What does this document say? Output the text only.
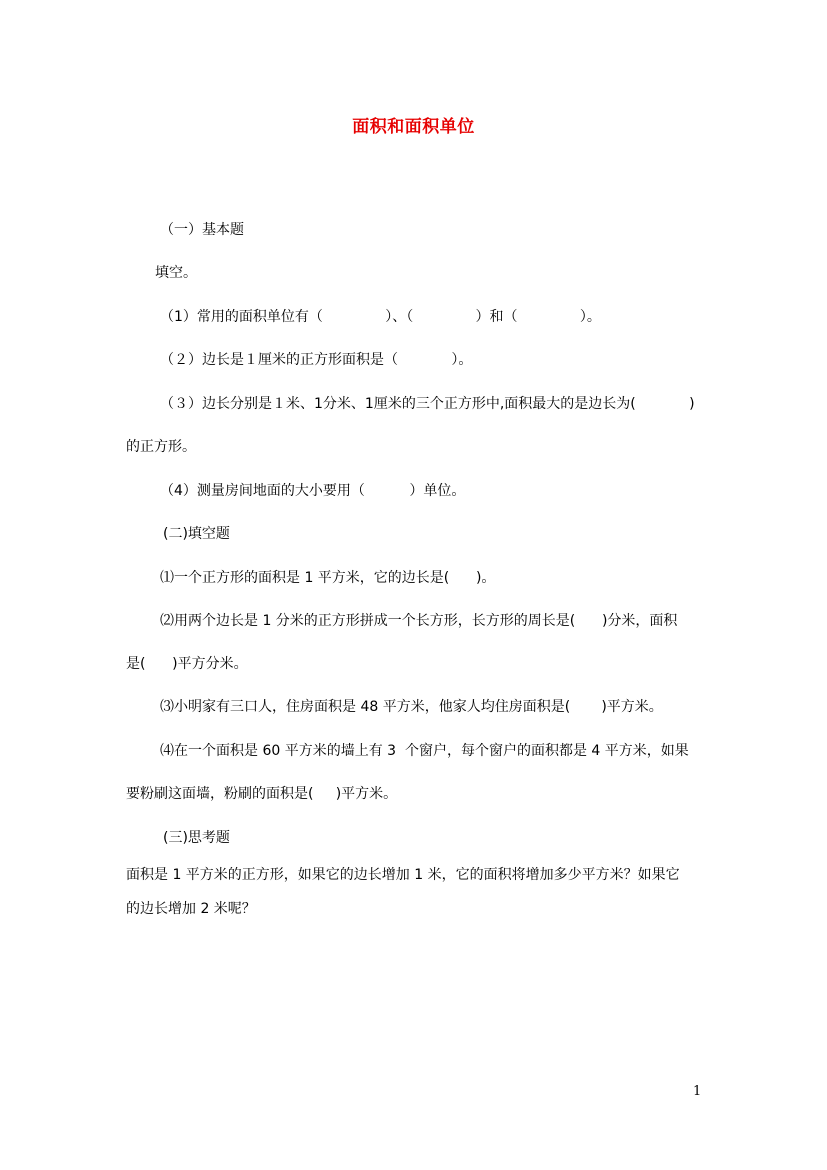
面积和面积单位
（一）基本题
填空。
（1）常用的面积单位有（              ）、（              ）和（              ）。
（２）边长是１厘米的正方形面积是（            ）。
（３）边长分别是１米、1分米、1厘米的三个正方形中,面积最大的是边长为(            )
的正方形。
（4）测量房间地面的大小要用（          ）单位。
(二)填空题
⑴一个正方形的面积是 1 平方米，它的边长是(      )。
⑵用两个边长是 1 分米的正方形拼成一个长方形，长方形的周长是(      )分米，面积
是(      )平方分米。
⑶小明家有三口人，住房面积是 48 平方米，他家人均住房面积是(       )平方米。
⑷在一个面积是 60 平方米的墙上有 3  个窗户，每个窗户的面积都是 4 平方米，如果
要粉刷这面墙，粉刷的面积是(     )平方米。
(三)思考题
面积是 1 平方米的正方形，如果它的边长增加 1 米，它的面积将增加多少平方米？如果它
的边长增加 2 米呢？
1
